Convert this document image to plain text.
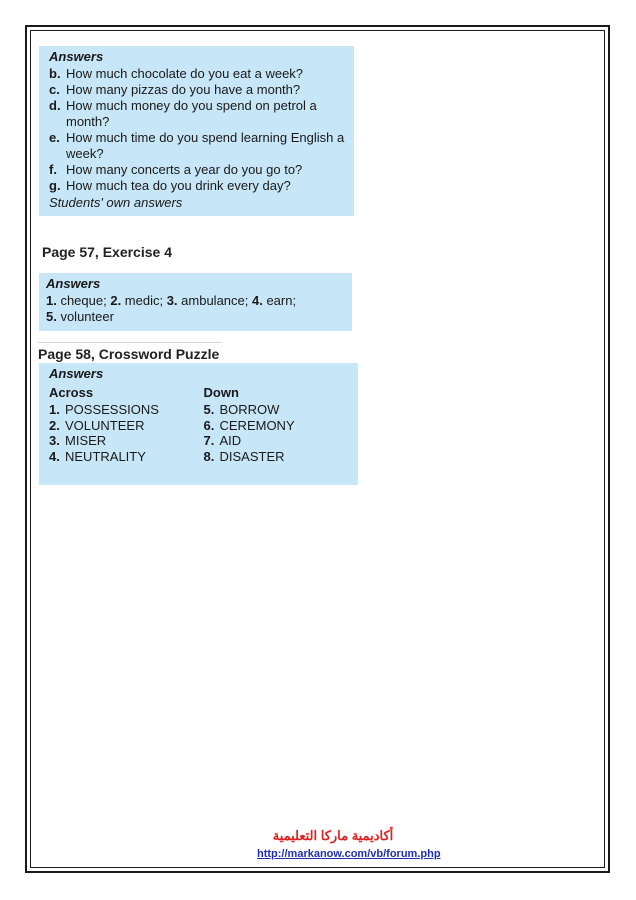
Answers
b. How much chocolate do you eat a week?
c. How many pizzas do you have a month?
d. How much money do you spend on petrol a month?
e. How much time do you spend learning English a week?
f. How many concerts a year do you go to?
g. How much tea do you drink every day?
Students' own answers
Page 57, Exercise 4
Answers
1. cheque; 2. medic; 3. ambulance; 4. earn;
5. volunteer
Page 58, Crossword Puzzle
Answers
Across
1. POSSESSIONS
2. VOLUNTEER
3. MISER
4. NEUTRALITY
Down
5. BORROW
6. CEREMONY
7. AID
8. DISASTER
أكاديمية ماركا التعليمية
http://markanow.com/vb/forum.php
